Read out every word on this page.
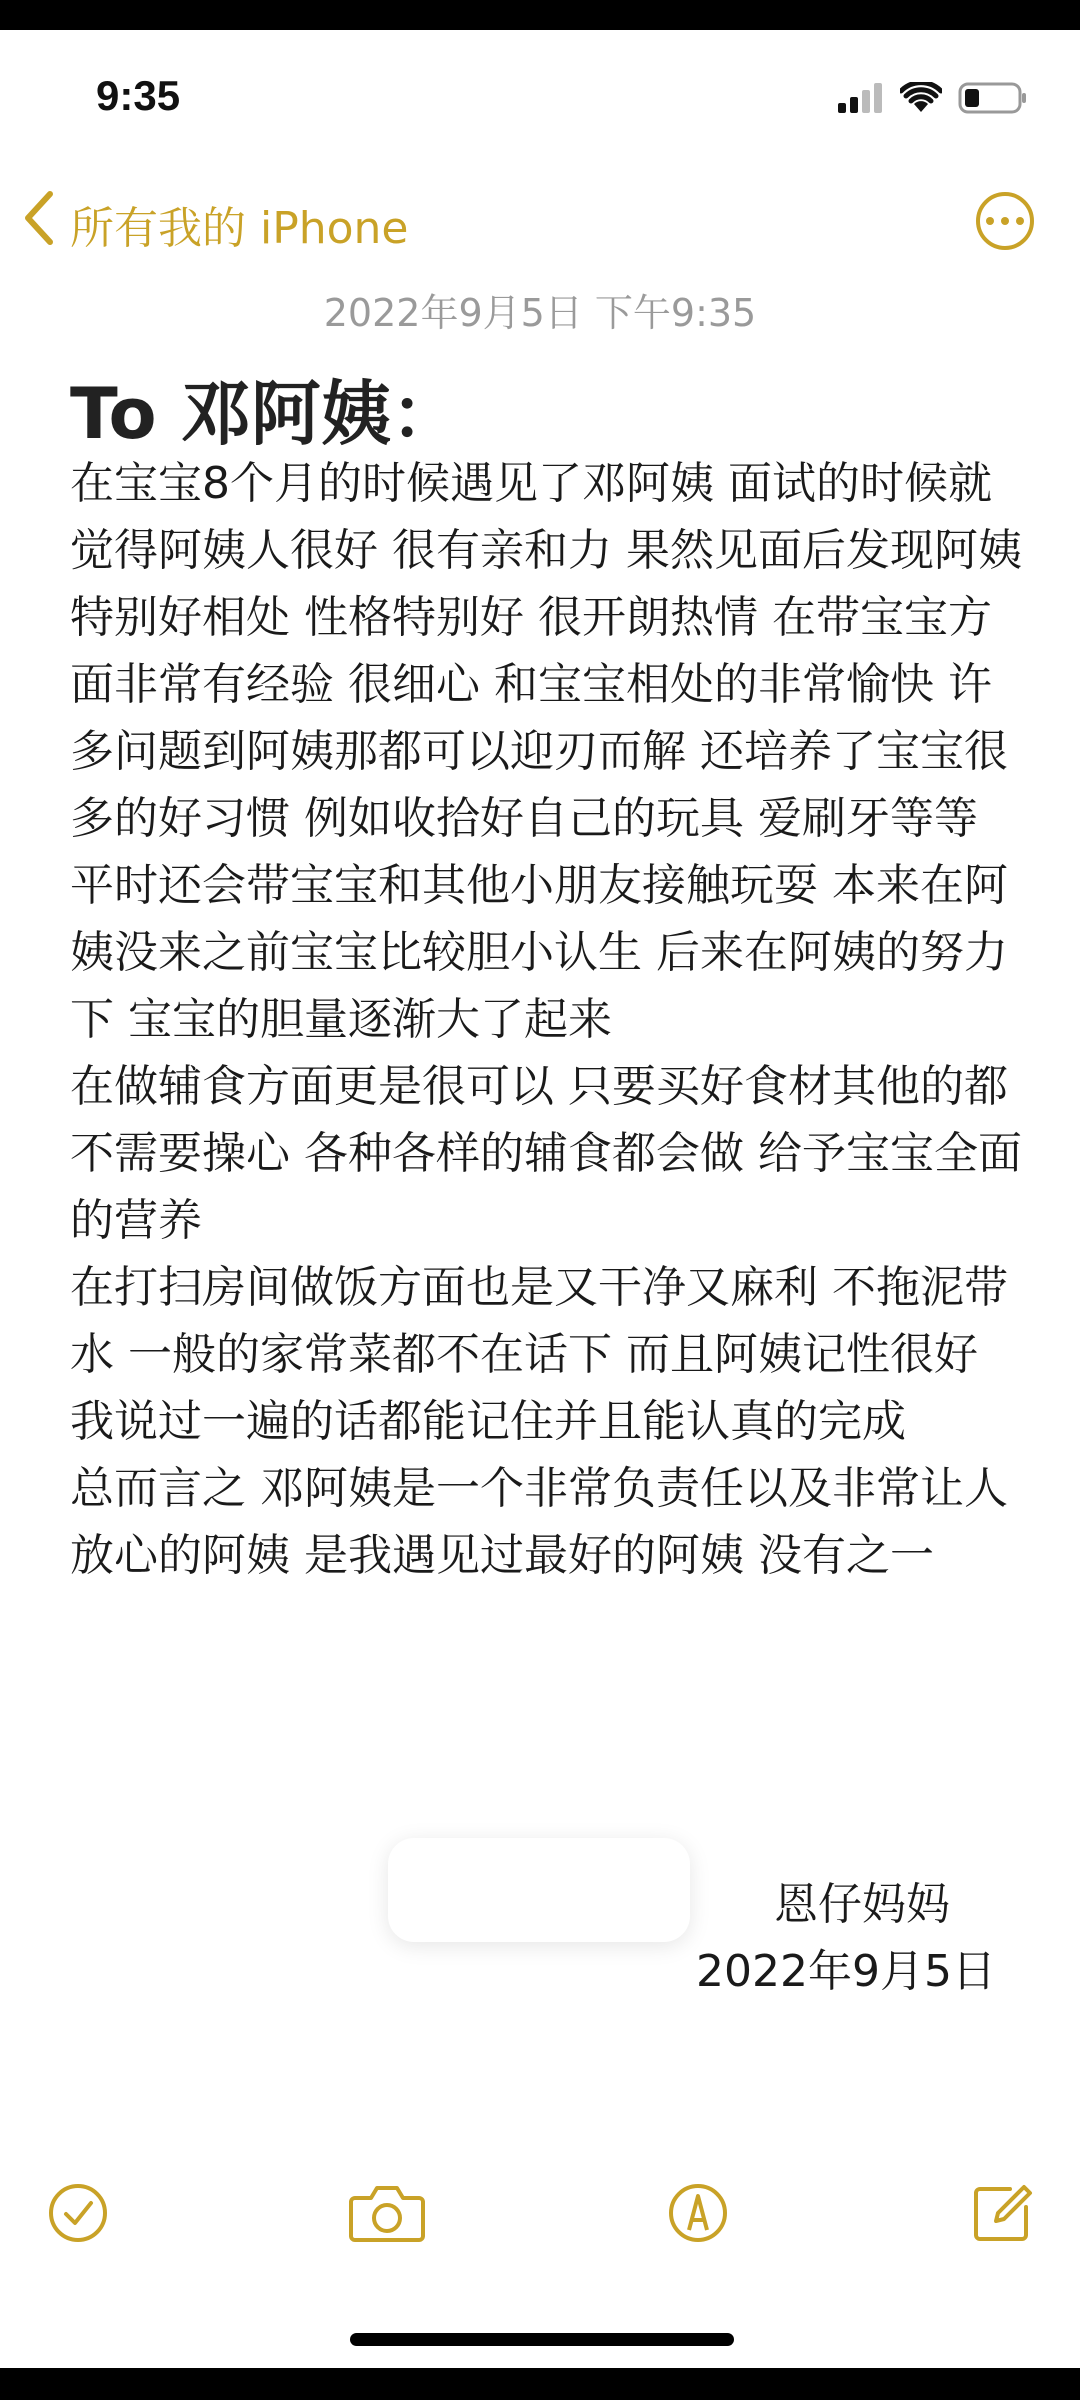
9:35
所有我的 iPhone
2022年9月5日 下午9:35
To 邓阿姨：

在宝宝8个月的时候遇见了邓阿姨 面试的时候就觉得阿姨人很好 很有亲和力 果然见面后发现阿姨特别好相处 性格特别好 很开朗热情 在带宝宝方面非常有经验 很细心 和宝宝相处的非常愉快 许多问题到阿姨那都可以迎刃而解 还培养了宝宝很多的好习惯 例如收拾好自己的玩具 爱刷牙等等 平时还会带宝宝和其他小朋友接触玩耍 本来在阿姨没来之前宝宝比较胆小认生 后来在阿姨的努力下 宝宝的胆量逐渐大了起来

在做辅食方面更是很可以 只要买好食材其他的都不需要操心 各种各样的辅食都会做 给予宝宝全面的营养

在打扫房间做饭方面也是又干净又麻利 不拖泥带水 一般的家常菜都不在话下 而且阿姨记性很好 我说过一遍的话都能记住并且能认真的完成

总而言之 邓阿姨是一个非常负责任以及非常让人放心的阿姨 是我遇见过最好的阿姨 没有之一

恩仔妈妈
2022年9月5日
